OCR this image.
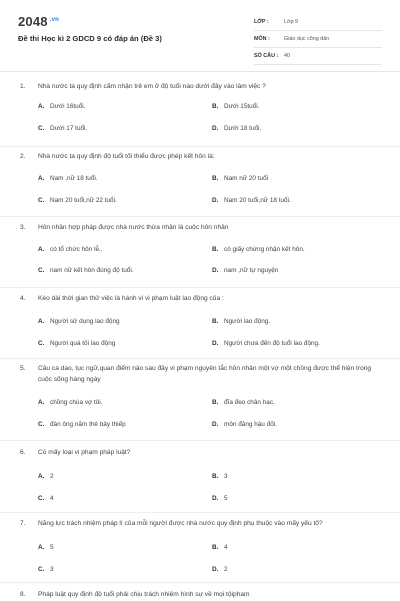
2048 $^{.vn}$
Đề thi Học kì 2 GDCD 9 có đáp án (Đề 3)
LỚP :	Lớp 9
MÔN :	Giáo dục công dân
SỐ CÂU :	40
1.	Nhà nước ta quy định cấm nhận trẻ em ở độ tuổi nào dưới đây vào làm việc ?
A. Dưới 16tuổi.	B. Dưới 15tuổi.
C. Dưới 17 tuổi.	D. Dưới 18 tuổi.
2.	Nhà nước ta quy định độ tuổi tối thiểu được phép kết hôn là:
A. Nam ,nữ 18 tuổi.	B. Nam nữ 20 tuổi
C. Nam 20 tuổi,nữ 22 tuổi.	D. Nam 20 tuổi,nữ 18 tuổi.
3.	Hôn nhân hợp pháp được nhà nước thừa nhận là cuộc hôn nhân
A. có tổ chức hôn lễ..	B. có giấy chứng nhận kết hôn.
C. nam nữ kết hôn đúng độ tuổi.	D. nam ,nữ tự nguyện
4.	Kéo dài thời gian thử việc là hành vi vi phạm luật lao động của :
A. Người sử dụng lao động	B. Người lao động.
C. Người quá tối lao động	D. Người chưa đến độ tuổi lao động.
5.	Câu ca dao, tục ngữ,quan điểm nào sau đây vi phạm nguyên tắc hôn nhân một vợ một chồng được thể hiện trong cuộc sống hàng ngày
A. chồng chúa vợ tôi.	B. đĩa đeo chân hạc.
C. đàn ông năm thê bảy thiếp	D. môn đăng hậu đối.
6.	Có mấy loại vi phạm pháp luật?
A. 2	B. 3
C. 4	D. 5
7.	Năng lực trách nhiệm pháp lí của mỗi người được nhà nước quy định phụ thuộc vào mấy yếu tố?
A. 5	B. 4
C. 3	D. 2
8.	Pháp luật quy định độ tuổi phải chịu trách nhiệm hình sự về mọi tộipham
